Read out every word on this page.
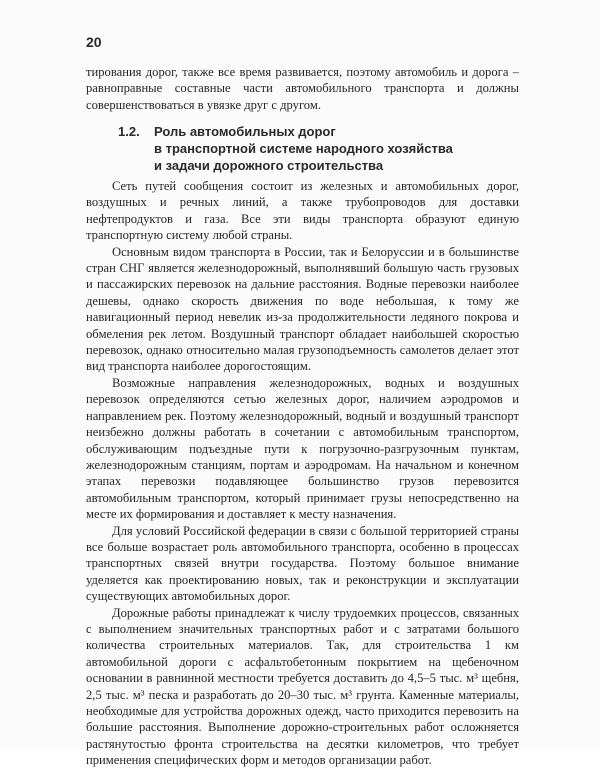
20

тирования дорог, также все время развивается, поэтому автомобиль и дорога – равноправные составные части автомобильного транспорта и должны совершенствоваться в увязке друг с другом.

1.2. Роль автомобильных дорог
в транспортной системе народного хозяйства
и задачи дорожного строительства

Сеть путей сообщения состоит из железных и автомобильных дорог, воздушных и речных линий, а также трубопроводов для доставки нефтепродуктов и газа. Все эти виды транспорта образуют единую транспортную систему любой страны.

Основным видом транспорта в России, так и Белоруссии и в большинстве стран СНГ является железнодорожный, выполнявший большую часть грузовых и пассажирских перевозок на дальние расстояния. Водные перевозки наиболее дешевы, однако скорость движения по воде небольшая, к тому же навигационный период невелик из-за продолжительности ледяного покрова и обмеления рек летом. Воздушный транспорт обладает наибольшей скоростью перевозок, однако относительно малая грузоподъемность самолетов делает этот вид транспорта наиболее дорогостоящим.

Возможные направления железнодорожных, водных и воздушных перевозок определяются сетью железных дорог, наличием аэродромов и направлением рек. Поэтому железнодорожный, водный и воздушный транспорт неизбежно должны работать в сочетании с автомобильным транспортом, обслуживающим подъездные пути к погрузочно-разгрузочным пунктам, железнодорожным станциям, портам и аэродромам. На начальном и конечном этапах перевозки подавляющее большинство грузов перевозится автомобильным транспортом, который принимает грузы непосредственно на месте их формирования и доставляет к месту назначения.

Для условий Российской федерации в связи с большой территорией страны все больше возрастает роль автомобильного транспорта, особенно в процессах транспортных связей внутри государства. Поэтому большое внимание уделяется как проектированию новых, так и реконструкции и эксплуатации существующих автомобильных дорог.

Дорожные работы принадлежат к числу трудоемких процессов, связанных с выполнением значительных транспортных работ и с затратами большого количества строительных материалов. Так, для строительства 1 км автомобильной дороги с асфальтобетонным покрытием на щебеночном основании в равнинной местности требуется доставить до 4,5–5 тыс. м³ щебня, 2,5 тыс. м³ песка и разработать до 20–30 тыс. м³ грунта. Каменные материалы, необходимые для устройства дорожных одежд, часто приходится перевозить на большие расстояния. Выполнение дорожно-строительных работ осложняется растянутостью фронта строительства на десятки километров, что требует применения специфических форм и методов организации работ.
